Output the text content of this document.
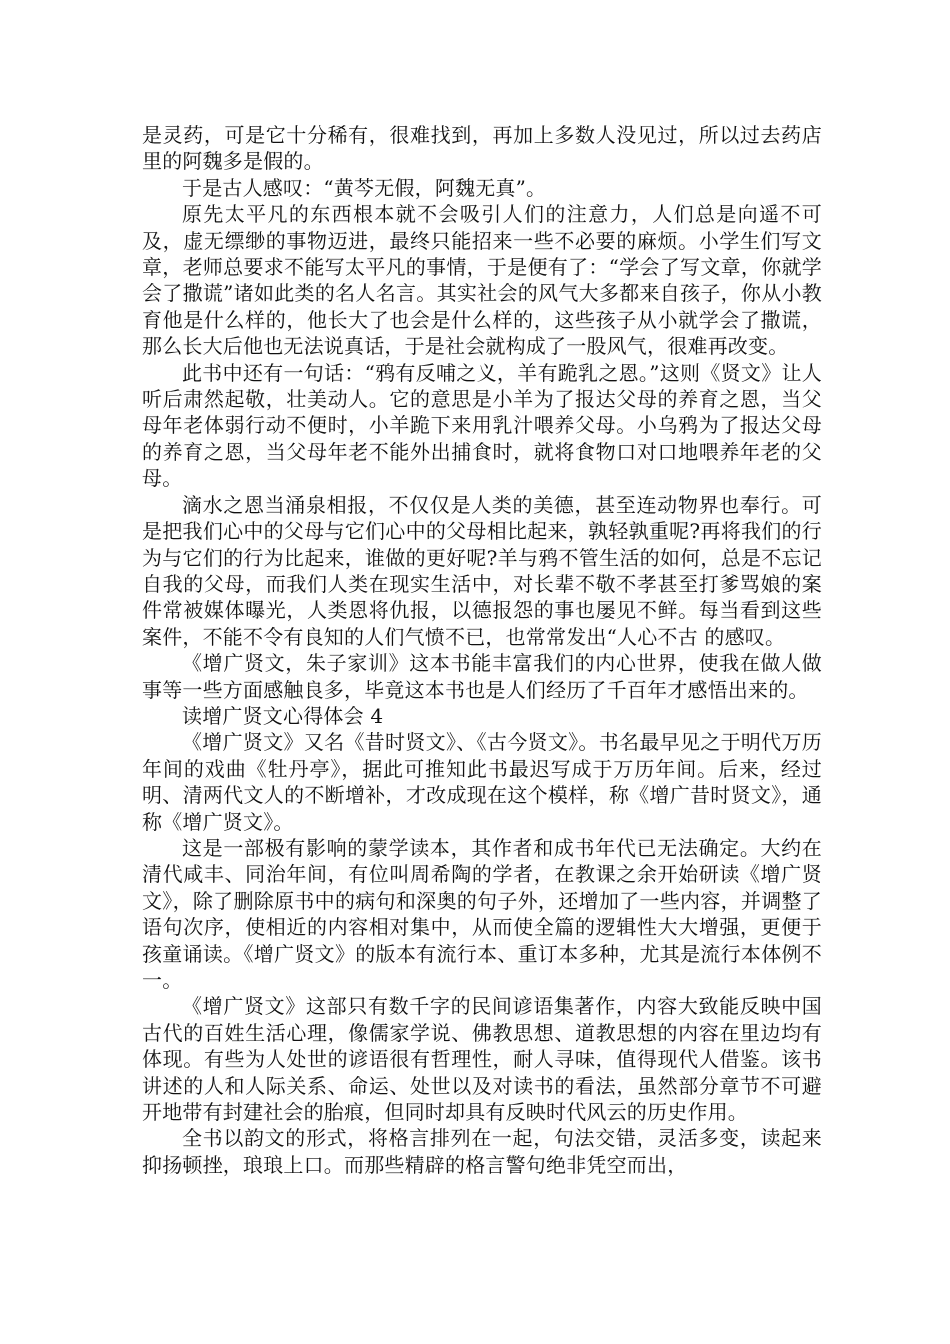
是灵药，可是它十分稀有，很难找到，再加上多数人没见过，所以过去药店里的阿魏多是假的。

于是古人感叹：“黄芩无假，阿魏无真”。

原先太平凡的东西根本就不会吸引人们的注意力，人们总是向遥不可及，虚无缥缈的事物迈进，最终只能招来一些不必要的麻烦。小学生们写文章，老师总要求不能写太平凡的事情，于是便有了：“学会了写文章，你就学会了撒谎”诸如此类的名人名言。其实社会的风气大多都来自孩子，你从小教育他是什么样的，他长大了也会是什么样的，这些孩子从小就学会了撒谎，那么长大后他也无法说真话，于是社会就构成了一股风气，很难再改变。

此书中还有一句话：“鸦有反哺之义，羊有跪乳之恩。”这则《贤文》让人听后肃然起敬，壮美动人。它的意思是小羊为了报达父母的养育之恩，当父母年老体弱行动不便时，小羊跪下来用乳汁喂养父母。小乌鸦为了报达父母的养育之恩，当父母年老不能外出捕食时，就将食物口对口地喂养年老的父母。

滴水之恩当涌泉相报，不仅仅是人类的美德，甚至连动物界也奉行。可是把我们心中的父母与它们心中的父母相比起来，孰轻孰重呢?再将我们的行为与它们的行为比起来，谁做的更好呢?羊与鸦不管生活的如何，总是不忘记自我的父母，而我们人类在现实生活中，对长辈不敬不孝甚至打爹骂娘的案件常被媒体曝光，人类恩将仇报，以德报怨的事也屡见不鲜。每当看到这些案件，不能不令有良知的人们气愤不已，也常常发出“人心不古 的感叹。

《增广贤文，朱子家训》这本书能丰富我们的内心世界，使我在做人做事等一些方面感触良多，毕竟这本书也是人们经历了千百年才感悟出来的。

读增广贤文心得体会 4

《增广贤文》又名《昔时贤文》、《古今贤文》。书名最早见之于明代万历年间的戏曲《牡丹亭》，据此可推知此书最迟写成于万历年间。后来，经过明、清两代文人的不断增补，才改成现在这个模样，称《增广昔时贤文》，通称《增广贤文》。

这是一部极有影响的蒙学读本，其作者和成书年代已无法确定。大约在清代咸丰、同治年间，有位叫周希陶的学者，在教课之余开始研读《增广贤文》，除了删除原书中的病句和深奥的句子外，还增加了一些内容，并调整了语句次序，使相近的内容相对集中，从而使全篇的逻辑性大大增强，更便于孩童诵读。《增广贤文》的版本有流行本、重订本多种，尤其是流行本体例不一。

《增广贤文》这部只有数千字的民间谚语集著作，内容大致能反映中国古代的百姓生活心理，像儒家学说、佛教思想、道教思想的内容在里边均有体现。有些为人处世的谚语很有哲理性，耐人寻味，值得现代人借鉴。该书讲述的人和人际关系、命运、处世以及对读书的看法，虽然部分章节不可避开地带有封建社会的胎痕，但同时却具有反映时代风云的历史作用。

全书以韵文的形式，将格言排列在一起，句法交错，灵活多变，读起来抑扬顿挫，琅琅上口。而那些精辟的格言警句绝非凭空而出，
